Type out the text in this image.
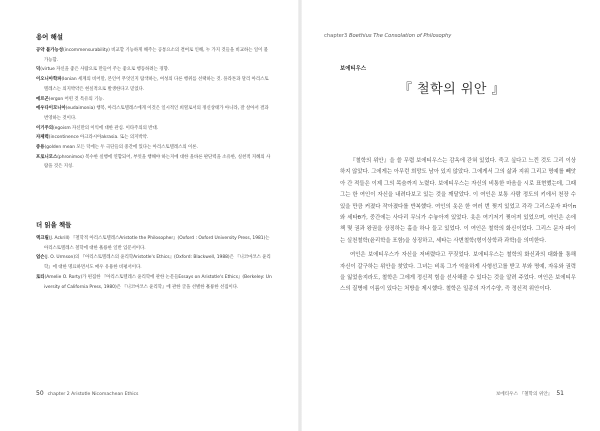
용어 해설

공약 불가능성(incommensurability) 비교할 기능하게 해주는 공통요소의 결여로 인해, 누 가지 것들을 비교하는 일이 불가능함.

덕(virtue 자신을 좋은 사람으로 만들어 주는 좋으로 행동하려는 경향.

이오니아학파(Ionian 세계의 비어말, 본인어 무엇인지 탐색하는, 여성의 다른 행위를 선택하는 것. 플라톤과 달리 아리스토텔레스는 의지박약은 현실적으로 발생한다고 믿었다.

에르곤(ergon 어떤 것 특유의 기능.

에우다이모니아(eudaimonia) 행복, 아리스토텔레스에게 이것은 일시적인 희열로서의 정신상태가 아니라, 잘 살아서 결과 번영하는 것이다.

이기주의(egoism 자신만의 이익에 대한 관심. 이타주의의 반대.

자제력(incontinence 아크라시아akrasia. 또는 의지박약.

중용(golden mean 모든 덕에는 두 극단들의 중간에 있다는 아리스토텔레스의 이론.

프로니모스(phronimos) 복수한 실행에 연합되어, 부엇을 행해야 하는지에 대한 올바른 판단력을 소유한, 실천적 지혜의 사람을 것은 지칭.

더 읽을 책들

액크릴(J. Ackrill) 『철학적 아리스토텔레스Aristotle the Philosopher』(Oxford : Oxford University Press, 1981)는 아리스토텔레스 철학에 대한 훌륭한 일반 입문서이다.

엄슨(J. O. Urmson)의 『아리스토텔레스의 윤리학Aristotle's Ethics』(Oxford: Blackwell, 1988)은 『니코마코스 윤리학』에 대한 명료하면서도 매우 유용한 비평서이다.

로티(Amelie O. Rorty)가 편집한 『아리스토텔레스 윤리학에 관한 논문들Essays on Aristotle's Ethics』(Berkeley: University of California Press, 1980)은 『니코마코스 윤리학』에 관한 글을 선별한 훌륭한 선집이다.

50 chapter 2 Aristotle Nicomachean Ethics
chapter3 Boethius The Consolation of Philosophy
보에티우스
『 철학의 위안 』

『철학의 위안』을 쓸 무렵 보에티우스는 감옥에 갇혀 있었다. 죽고 싶다고 느낀 것도 그리 이상하지 않았다. 그에게는 아무런 희망도 남아 있지 않았다. 그에게서 그의 삶과 지위 그리고 명예를 빼앗아 간 적들은 이제 그의 목숨까지 노렸다. 보에티우스는 자신의 비통한 마음을 시로 표현했는데, 그때 그는 한 여인이 자신을 내려다보고 있는 것을 깨달았다. 이 여인은 보통 사람 정도의 키에서 천장 수 있을 만큼 커졌다 작아졌다를 반복했다. 여인의 옷은 한 여러 번 찢겨 있었고 각각 그리스문자 파이π와 세타θ가, 중간에는 사다리 무늬가 수놓아져 있었다. 옷은 여기저기 찢어져 있었으며, 여인은 손에 책 몇 권과 왕권을 상징하는 홀을 하나 들고 있었다. 이 여인은 철학의 화신이었다. 그리스 문자 파이는 실천철학(윤리학을 포함)을 상징하고, 세타는 사변철학(형이상학과 과학)을 의미한다.

여인은 보에티우스가 자신을 저버렸다고 꾸짖었다. 보에티우스는 철학의 화신과의 대화를 통해 자신이 갈구하는 위안을 찾았다. 그녀는 비록 그가 억울하게 사형선고를 받고 부와 명예, 자유와 권력을 잃었음지라도, 철학은 그에게 정신적 힘을 선사해줄 수 있다는 것을 알려 주었다. 여인은 보에티우스의 질병에 이름이 있다는 처방을 제시했다. 철학은 일종의 자기수양, 즉 정신적 위안이다.

보에티우스 『철학의 위안』 51
